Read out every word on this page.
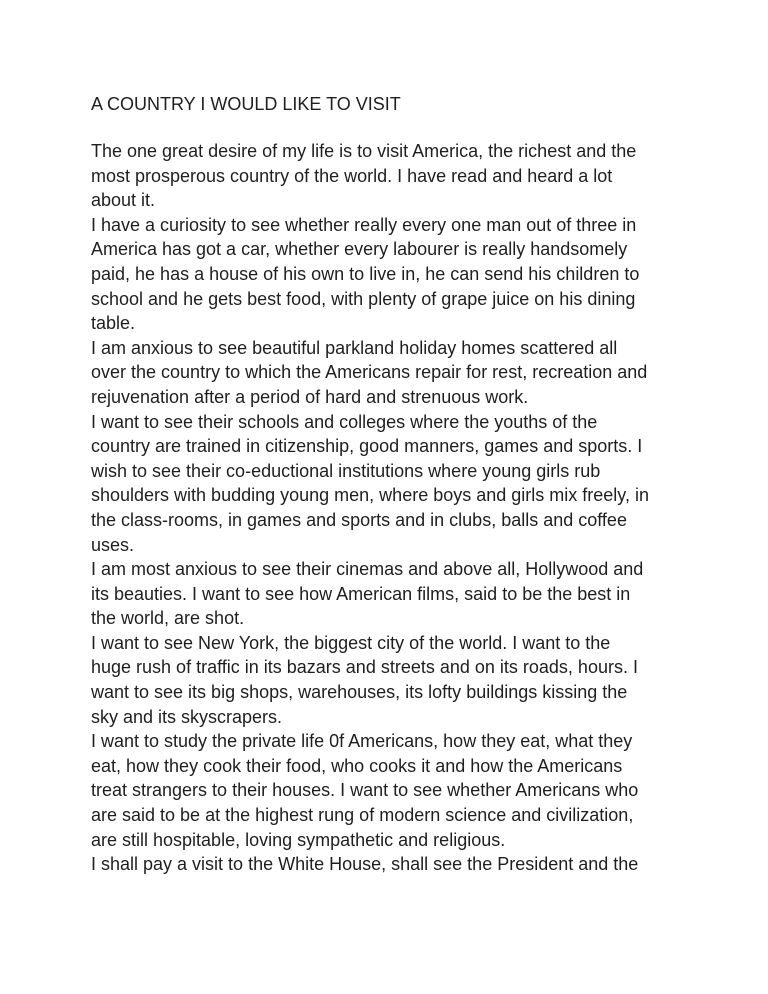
A COUNTRY I WOULD LIKE TO VISIT
The one great desire of my life is to visit America, the richest and the
most prosperous country of the world. I have read and heard a lot
about it.
I have a curiosity to see whether really every one man out of three in
America has got a car, whether every labourer is really handsomely
paid, he has a house of his own to live in, he can send his children to
school and he gets best food, with plenty of grape juice on his dining
table.
I am anxious to see beautiful parkland holiday homes scattered all
over the country to which the Americans repair for rest, recreation and
rejuvenation after a period of hard and strenuous work.
I want to see their schools and colleges where the youths of the
country are trained in citizenship, good manners, games and sports. I
wish to see their co-eductional institutions where young girls rub
shoulders with budding young men, where boys and girls mix freely, in
the class-rooms, in games and sports and in clubs, balls and coffee
uses.
I am most anxious to see their cinemas and above all, Hollywood and
its beauties. I want to see how American films, said to be the best in
the world, are shot.
I want to see New York, the biggest city of the world. I want to the
huge rush of traffic in its bazars and streets and on its roads, hours. I
want to see its big shops, warehouses, its lofty buildings kissing the
sky and its skyscrapers.
I want to study the private life 0f Americans, how they eat, what they
eat, how they cook their food, who cooks it and how the Americans
treat strangers to their houses. I want to see whether Americans who
are said to be at the highest rung of modern science and civilization,
are still hospitable, loving sympathetic and religious.
I shall pay a visit to the White House, shall see the President and the
